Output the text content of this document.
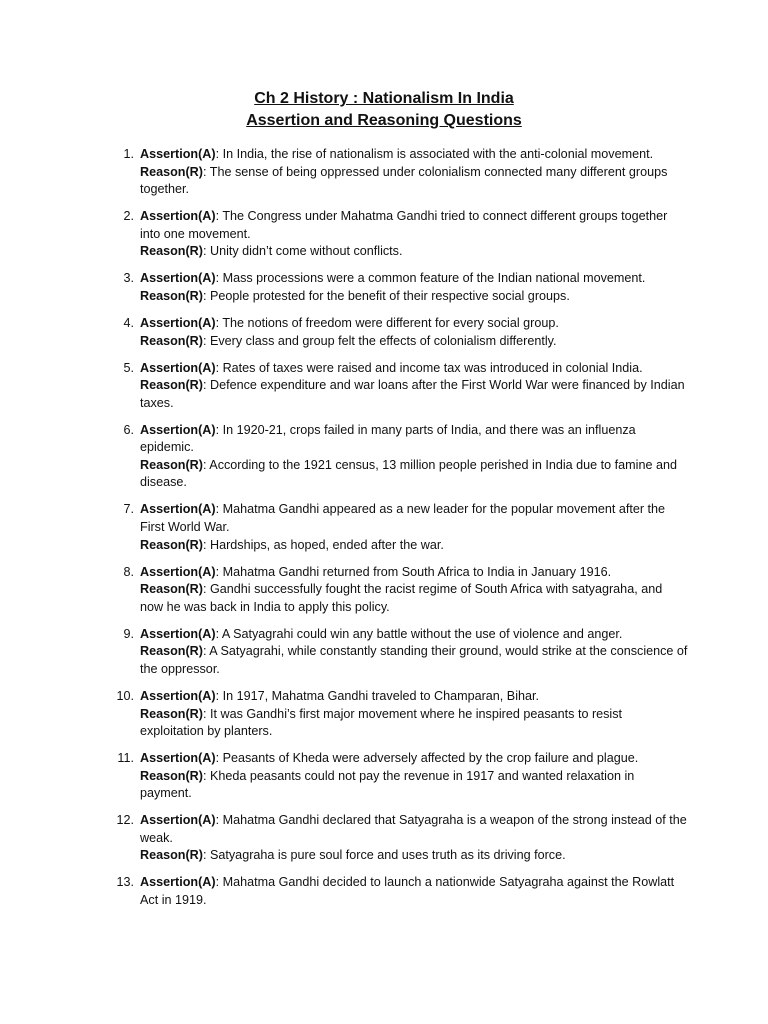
Ch 2 History : Nationalism In India
Assertion and Reasoning Questions
1. Assertion(A): In India, the rise of nationalism is associated with the anti-colonial movement.
Reason(R): The sense of being oppressed under colonialism connected many different groups together.
2. Assertion(A): The Congress under Mahatma Gandhi tried to connect different groups together into one movement.
Reason(R): Unity didn’t come without conflicts.
3. Assertion(A): Mass processions were a common feature of the Indian national movement.
Reason(R): People protested for the benefit of their respective social groups.
4. Assertion(A): The notions of freedom were different for every social group.
Reason(R): Every class and group felt the effects of colonialism differently.
5. Assertion(A): Rates of taxes were raised and income tax was introduced in colonial India.
Reason(R): Defence expenditure and war loans after the First World War were financed by Indian taxes.
6. Assertion(A): In 1920-21, crops failed in many parts of India, and there was an influenza epidemic.
Reason(R): According to the 1921 census, 13 million people perished in India due to famine and disease.
7. Assertion(A): Mahatma Gandhi appeared as a new leader for the popular movement after the First World War.
Reason(R): Hardships, as hoped, ended after the war.
8. Assertion(A): Mahatma Gandhi returned from South Africa to India in January 1916.
Reason(R): Gandhi successfully fought the racist regime of South Africa with satyagraha, and now he was back in India to apply this policy.
9. Assertion(A): A Satyagrahi could win any battle without the use of violence and anger.
Reason(R): A Satyagrahi, while constantly standing their ground, would strike at the conscience of the oppressor.
10. Assertion(A): In 1917, Mahatma Gandhi traveled to Champaran, Bihar.
Reason(R): It was Gandhi’s first major movement where he inspired peasants to resist exploitation by planters.
11. Assertion(A): Peasants of Kheda were adversely affected by the crop failure and plague.
Reason(R): Kheda peasants could not pay the revenue in 1917 and wanted relaxation in payment.
12. Assertion(A): Mahatma Gandhi declared that Satyagraha is a weapon of the strong instead of the weak.
Reason(R): Satyagraha is pure soul force and uses truth as its driving force.
13. Assertion(A): Mahatma Gandhi decided to launch a nationwide Satyagraha against the Rowlatt Act in 1919.
